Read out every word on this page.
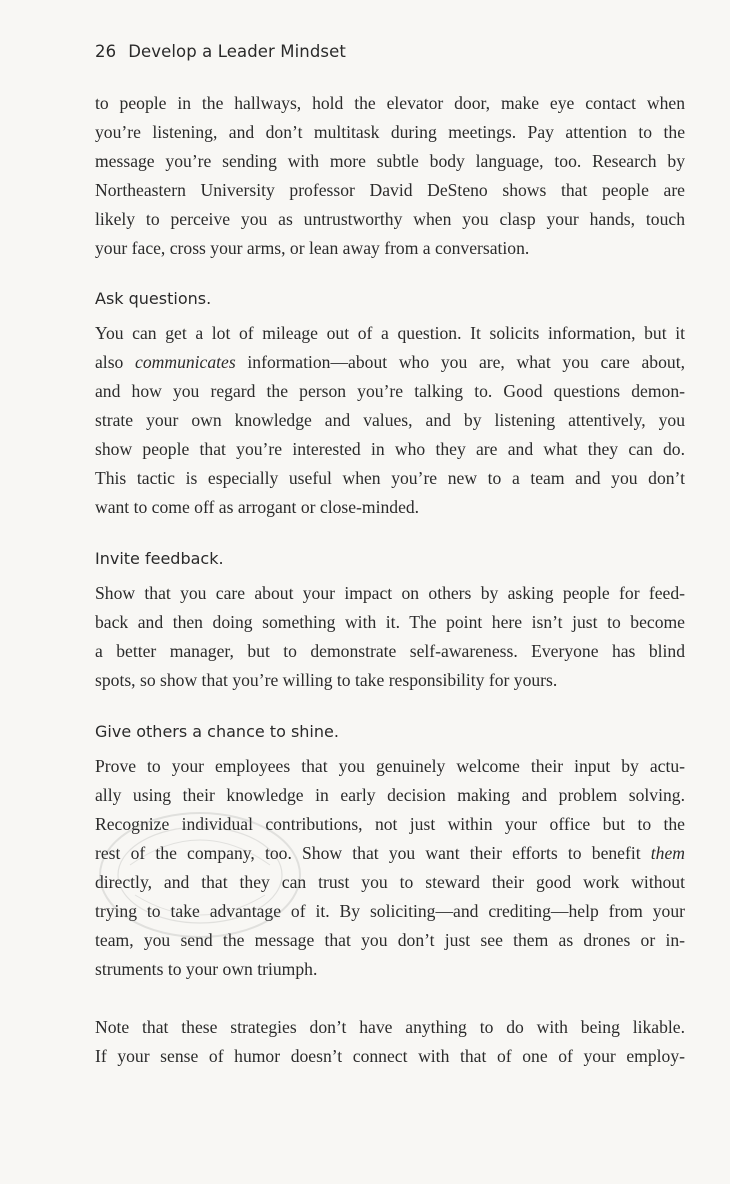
26 Develop a Leader Mindset

to people in the hallways, hold the elevator door, make eye contact when
you’re listening, and don’t multitask during meetings. Pay attention to the
message you’re sending with more subtle body language, too. Research by
Northeastern University professor David DeSteno shows that people are
likely to perceive you as untrustworthy when you clasp your hands, touch
your face, cross your arms, or lean away from a conversation.

Ask questions.

You can get a lot of mileage out of a question. It solicits information, but it
also communicates information—about who you are, what you care about,
and how you regard the person you’re talking to. Good questions demon-
strate your own knowledge and values, and by listening attentively, you
show people that you’re interested in who they are and what they can do.
This tactic is especially useful when you’re new to a team and you don’t
want to come off as arrogant or close-minded.

Invite feedback.

Show that you care about your impact on others by asking people for feed-
back and then doing something with it. The point here isn’t just to become
a better manager, but to demonstrate self-awareness. Everyone has blind
spots, so show that you’re willing to take responsibility for yours.

Give others a chance to shine.

Prove to your employees that you genuinely welcome their input by actu-
ally using their knowledge in early decision making and problem solving.
Recognize individual contributions, not just within your office but to the
rest of the company, too. Show that you want their efforts to benefit them
directly, and that they can trust you to steward their good work without
trying to take advantage of it. By soliciting—and crediting—help from your
team, you send the message that you don’t just see them as drones or in-
struments to your own triumph.

Note that these strategies don’t have anything to do with being likable.
If your sense of humor doesn’t connect with that of one of your employ-
